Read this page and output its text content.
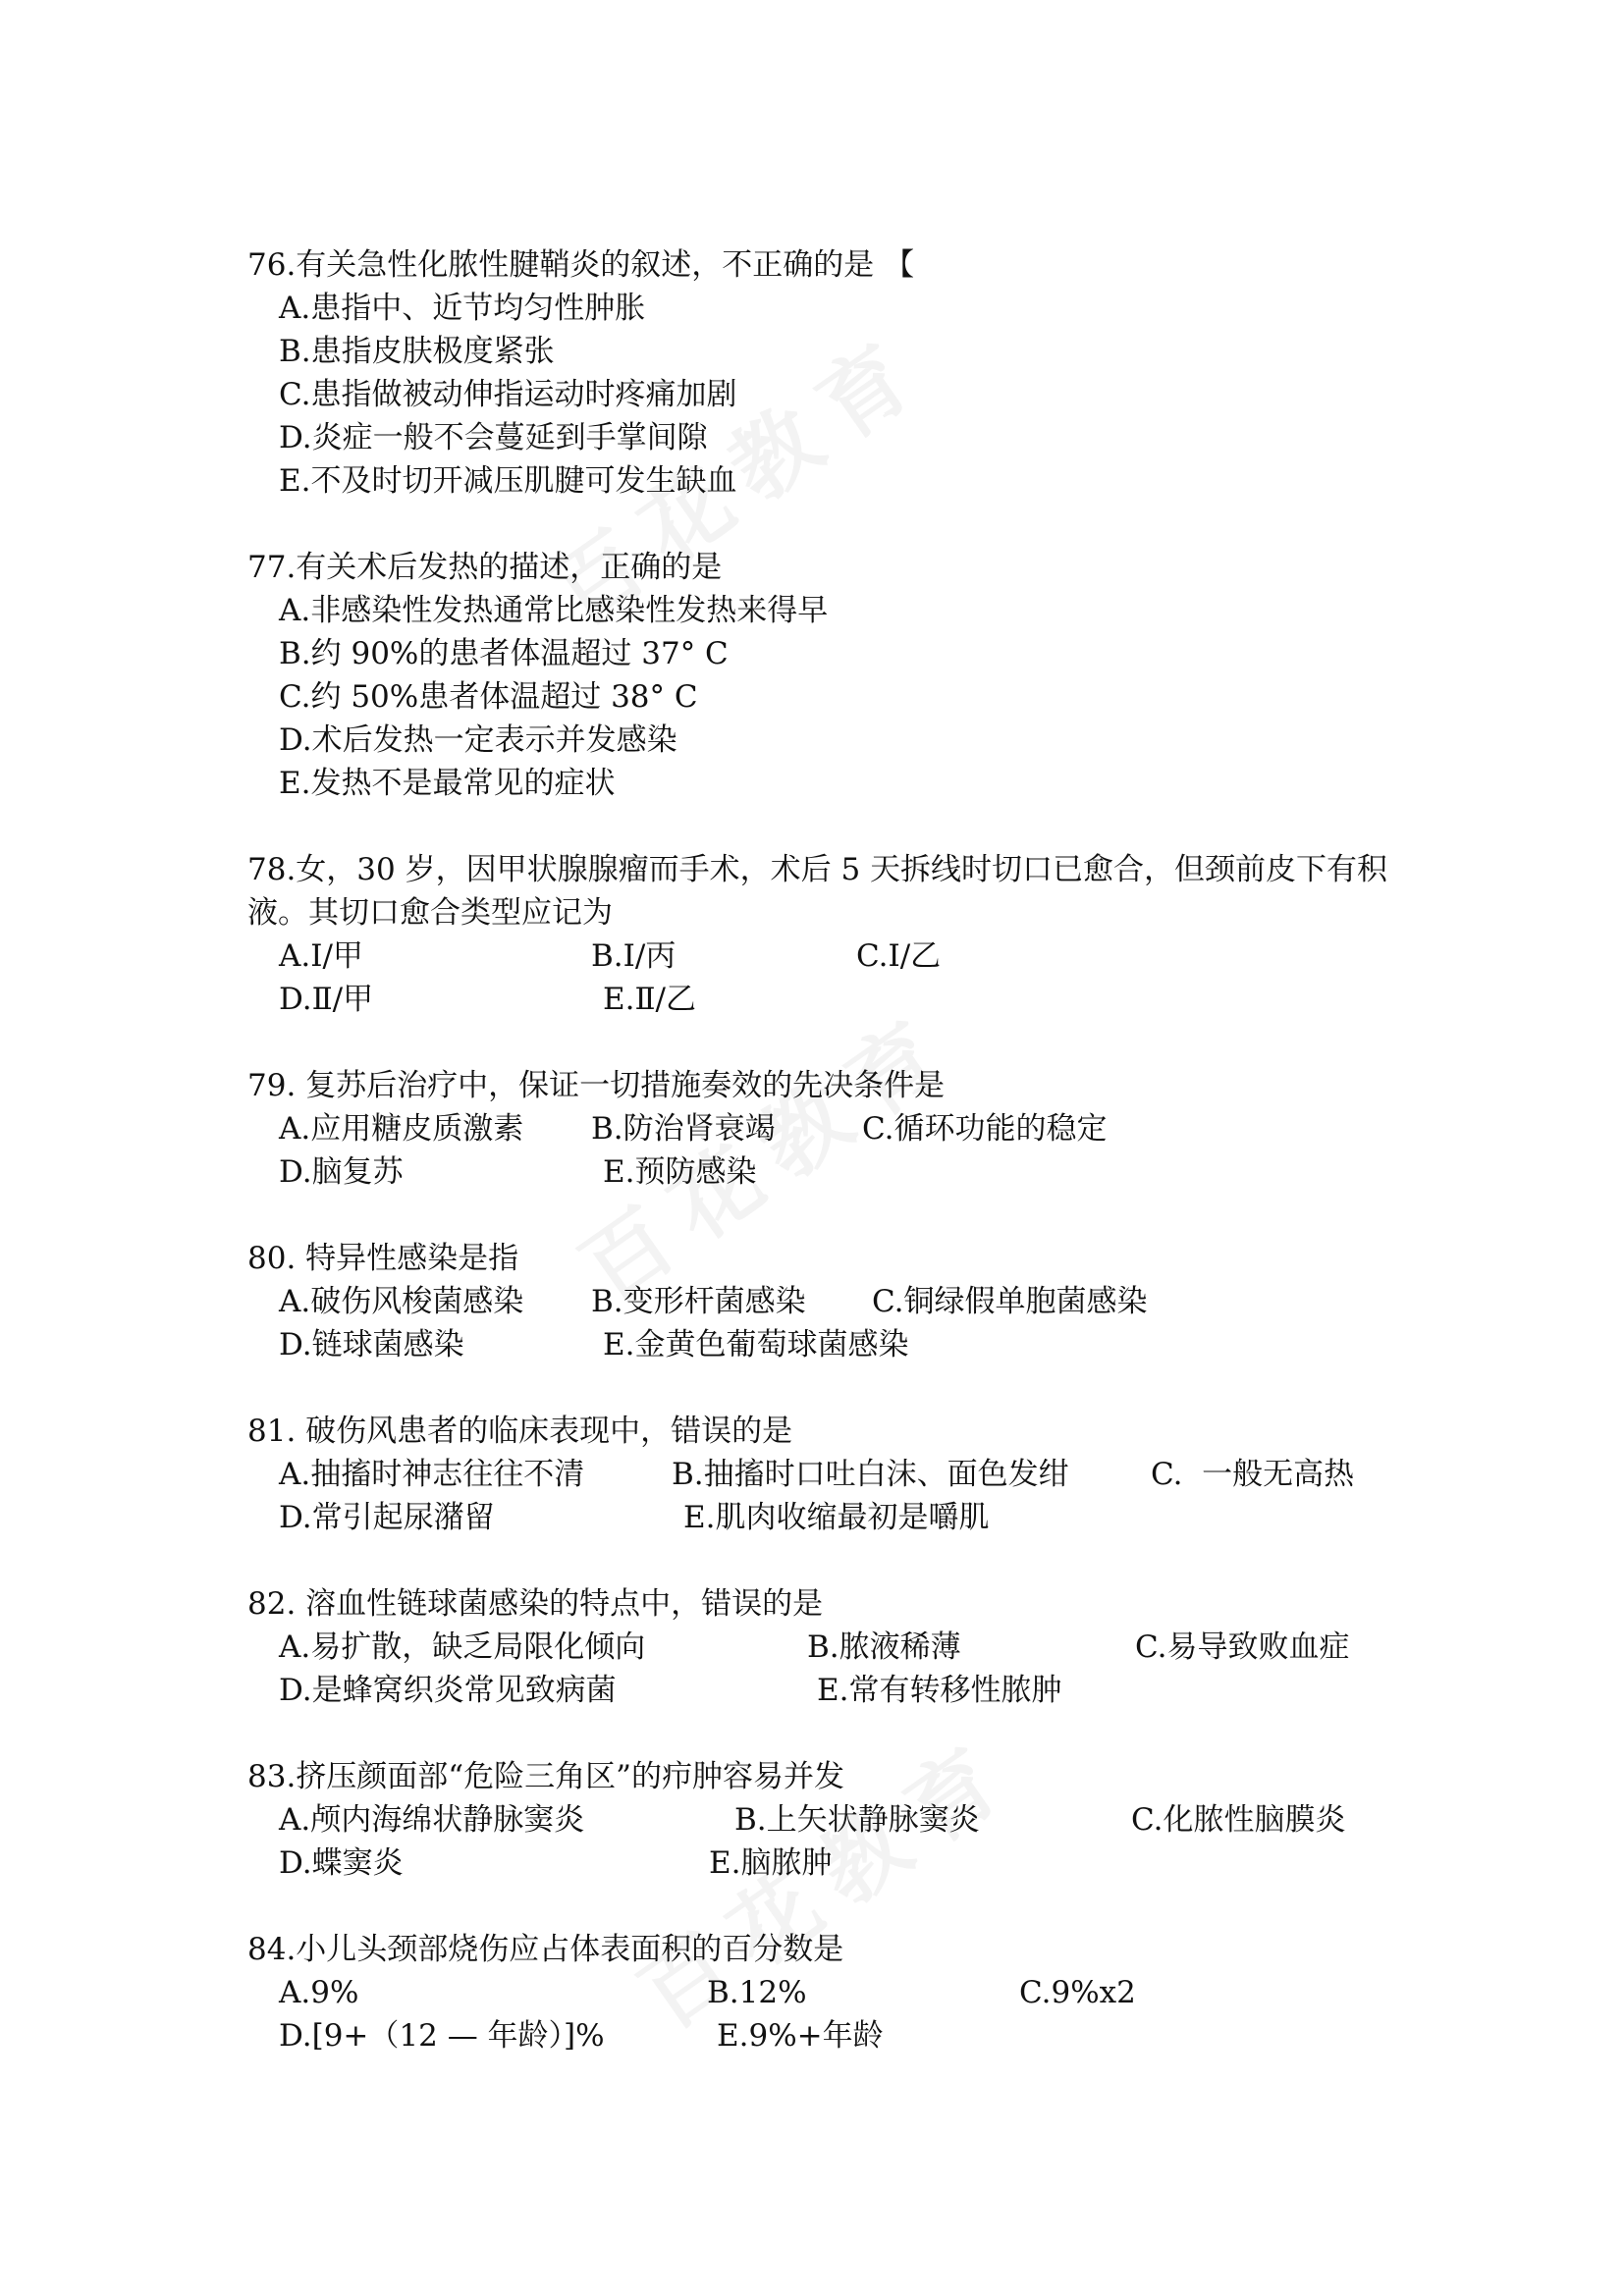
76.有关急性化脓性腱鞘炎的叙述，不正确的是 【
A.患指中、近节均匀性肿胀
B.患指皮肤极度紧张
C.患指做被动伸指运动时疼痛加剧
D.炎症一般不会蔓延到手掌间隙
E.不及时切开减压肌腱可发生缺血
77.有关术后发热的描述，正确的是
A.非感染性发热通常比感染性发热来得早
B.约 90%的患者体温超过 37° C
C.约 50%患者体温超过 38° C
D.术后发热一定表示并发感染
E.发热不是最常见的症状
78.女，30 岁，因甲状腺腺瘤而手术，术后 5 天拆线时切口已愈合，但颈前皮下有积液。其切口愈合类型应记为
A.Ⅰ/甲	B.Ⅰ/丙	C.Ⅰ/乙
D.Ⅱ/甲	E.Ⅱ/乙
79. 复苏后治疗中，保证一切措施奏效的先决条件是
A.应用糖皮质激素	B.防治肾衰竭	C.循环功能的稳定
D.脑复苏	E.预防感染
80. 特异性感染是指
A.破伤风梭菌感染	B.变形杆菌感染	C.铜绿假单胞菌感染
D.链球菌感染	E.金黄色葡萄球菌感染
81. 破伤风患者的临床表现中，错误的是
A.抽搐时神志往往不清	B.抽搐时口吐白沫、面色发绀	C.  一般无高热
D.常引起尿潴留	E.肌肉收缩最初是嚼肌
82. 溶血性链球菌感染的特点中，错误的是
A.易扩散，缺乏局限化倾向	B.脓液稀薄	C.易导致败血症
D.是蜂窝织炎常见致病菌	E.常有转移性脓肿
83.挤压颜面部“危险三角区”的疖肿容易并发
A.颅内海绵状静脉窦炎	B.上矢状静脉窦炎	C.化脓性脑膜炎
D.蝶窦炎	E.脑脓肿
84.小儿头颈部烧伤应占体表面积的百分数是
A.9%	B.12%	C.9%x2
D.[9+（12 — 年龄）]%	E.9%+年龄
